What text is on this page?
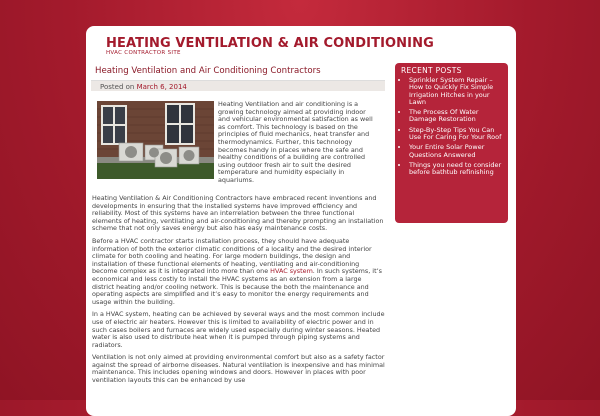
HEATING VENTILATION & AIR CONDITIONING
HVAC CONTRACTOR SITE
Heating Ventilation and Air Conditioning Contractors
Posted on March 6, 2014
Heating Ventilation and air conditioning is a growing technology aimed at providing indoor and vehicular environmental satisfaction as well as comfort. This technology is based on the principles of fluid mechanics, heat transfer and thermodynamics. Further, this technology becomes handy in places where the safe and healthy conditions of a building are controlled using outdoor fresh air to suit the desired temperature and humidity especially in aquariums.

Heating Ventilation & Air Conditioning Contractors have embraced recent inventions and developments in ensuring that the installed systems have improved efficiency and reliability. Most of this systems have an interrelation between the three functional elements of heating, ventilating and air-conditioning and thereby prompting an installation scheme that not only saves energy but also has easy maintenance costs.

Before a HVAC contractor starts installation process, they should have adequate information of both the exterior climatic conditions of a locality and the desired interior climate for both cooling and heating. For large modern buildings, the design and installation of these functional elements of heating, ventilating and air-conditioning become complex as it is integrated into more than one HVAC system. In such systems, it’s economical and less costly to install the HVAC systems as an extension from a large district heating and/or cooling network. This is because the both the maintenance and operating aspects are simplified and it’s easy to monitor the energy requirements and usage within the building.

In a HVAC system, heating can be achieved by several ways and the most common include use of electric air heaters. However this is limited to availability of electric power and in such cases boilers and furnaces are widely used especially during winter seasons. Heated water is also used to distribute heat when it is pumped through piping systems and radiators.

Ventilation is not only aimed at providing environmental comfort but also as a safety factor against the spread of airborne diseases. Natural ventilation is inexpensive and has minimal maintenance. This includes opening windows and doors. However in places with poor ventilation layouts this can be enhanced by use

RECENT POSTS
• Sprinkler System Repair – How to Quickly Fix Simple Irrigation Hitches in your Lawn
• The Process Of Water Damage Restoration
• Step-By-Step Tips You Can Use For Caring For Your Roof
• Your Entire Solar Power Questions Answered
• Things you need to consider before bathtub refinishing
